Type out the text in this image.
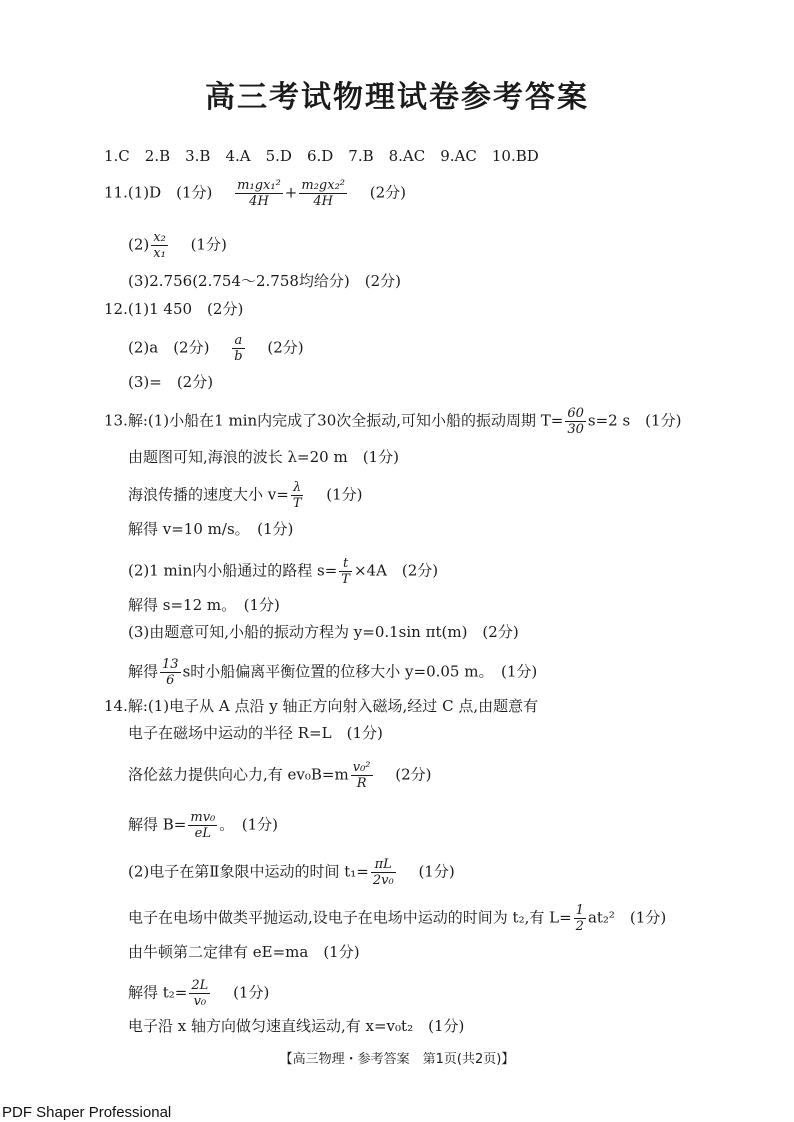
高三考试物理试卷参考答案
1.C　2.B　3.B　4.A　5.D　6.D　7.B　8.AC　9.AC　10.BD
11.(1)D　(1分) $\frac{\text{m₁gx₁²}}{4H} + \frac{\text{m₂gx₂²}}{4H} (2$分)
$(2) \frac{\text{x₂}}{\text{x₁}} (1$分)
(3)2.756(2.754～2.758均给分)　(2分)
12.(1)1 450　(2分)
(2)a　(2分) $\frac{a}{b} (2$分)
(3)=　(2分)
13.解:(1)小船在1 min内完成了30次全振动,可知小船的振动周期 $T= \frac{60}{30} s=2$ s　(1分)
由题图可知,海浪的波长 λ=20 m　(1分)
海浪传播的速度大小 $v= \frac{\lambda}{T} (1$分)
解得 v=10 m/s。　(1分)
(2)1 min内小船通过的路程 $s= \frac{t}{T} \times 4A$　(2分)
解得 s=12 m。　(1分)
(3)由题意可知,小船的振动方程为 y=0.1sin πt(m)　(2分)
解得 $\frac{13}{6}$ s时小船偏离平衡位置的位移大小 y=0.05 m。　(1分)
14.解:(1)电子从 A 点沿 y 轴正方向射入磁场,经过 C 点,由题意有
电子在磁场中运动的半径 R=L　(1分)
洛伦兹力提供向心力,有 $ev_0B=m \frac{\text{v₀²}}{R} (2$分)
解得 $B= \frac{\text{mv₀}}{eL}$ 。　(1分)
(2)电子在第Ⅱ象限中运动的时间 $t_1= \frac{\pi L}{\text{2v₀}} (1$分)
电子在电场中做类平抛运动,设电子在电场中运动的时间为 t₂,有 $L= \frac{1}{2} at_2^2$　(1分)
由牛顿第二定律有 eE=ma　(1分)
解得 $t_2= \frac{2L}{\text{v₀}} (1$分)
电子沿 x 轴方向做匀速直线运动,有 x=v₀t₂　(1分)
【高三物理・参考答案　第1页(共2页)】
PDF Shaper Professional
